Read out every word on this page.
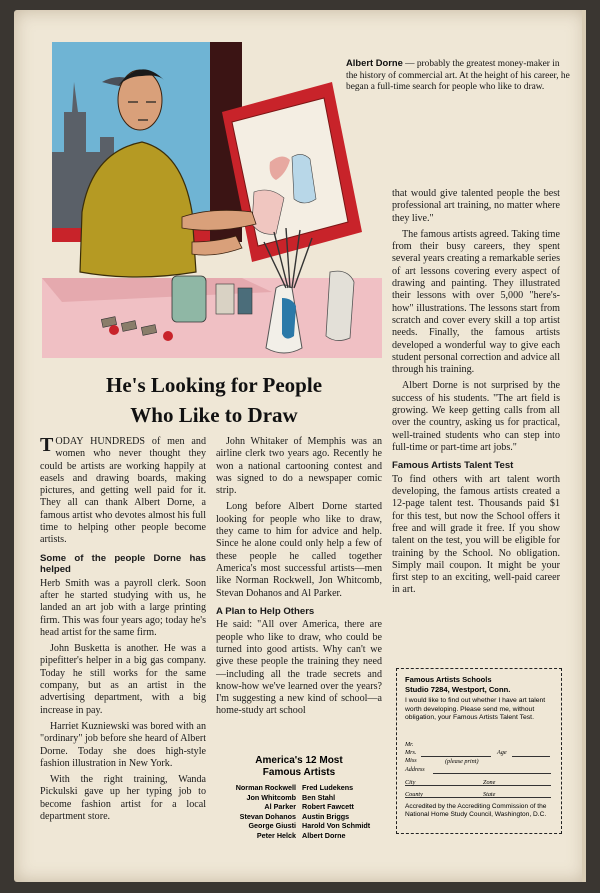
Albert Dorne — probably the greatest money-maker in the history of commercial art. At the height of his career, he began a full-time search for people who like to draw.
He's Looking for People
Who Like to Draw

TODAY HUNDREDS of men and women who never thought they could be artists are working happily at easels and drawing boards, making pictures, and getting well paid for it. They all can thank Albert Dorne, a famous artist who devotes almost his full time to helping other people become artists.

Some of the people Dorne has helped

Herb Smith was a payroll clerk. Soon after he started studying with us, he landed an art job with a large printing firm. This was four years ago; today he's head artist for the same firm.

John Busketta is another. He was a pipefitter's helper in a big gas company. Today he still works for the same company, but as an artist in the advertising department, with a big increase in pay.

Harriet Kuzniewski was bored with an "ordinary" job before she heard of Albert Dorne. Today she does high-style fashion illustration in New York.

With the right training, Wanda Pickulski gave up her typing job to become fashion artist for a local department store.

John Whitaker of Memphis was an airline clerk two years ago. Recently he won a national cartooning contest and was signed to do a newspaper comic strip.

Long before Albert Dorne started looking for people who like to draw, they came to him for advice and help. Since he alone could only help a few of these people he called together America's most successful artists—men like Norman Rockwell, Jon Whitcomb, Stevan Dohanos and Al Parker.

A Plan to Help Others

He said: "All over America, there are people who like to draw, who could be turned into good artists. Why can't we give these people the training they need—including all the trade secrets and know-how we've learned over the years? I'm suggesting a new kind of school—a home-study art school

America's 12 Most
Famous Artists
Norman Rockwell Fred Ludekens
Jon Whitcomb Ben Stahl
Al Parker Robert Fawcett
Stevan Dohanos Austin Briggs
George Giusti Harold Von Schmidt
Peter Helck Albert Dorne

that would give talented people the best professional art training, no matter where they live."

The famous artists agreed. Taking time from their busy careers, they spent several years creating a remarkable series of art lessons covering every aspect of drawing and painting. They illustrated their lessons with over 5,000 "here's-how" illustrations. The lessons start from scratch and cover every skill a top artist needs. Finally, the famous artists developed a wonderful way to give each student personal correction and advice all through his training.

Albert Dorne is not surprised by the success of his students. "The art field is growing. We keep getting calls from all over the country, asking us for practical, well-trained students who can step into full-time or part-time art jobs."

Famous Artists Talent Test

To find others with art talent worth developing, the famous artists created a 12-page talent test. Thousands paid $1 for this test, but now the School offers it free and will grade it free. If you show talent on the test, you will be eligible for training by the School. No obligation. Simply mail coupon. It might be your first step to an exciting, well-paid career in art.

Famous Artists Schools
Studio 7284, Westport, Conn.
I would like to find out whether I have art talent worth developing. Please send me, without obligation, your Famous Artists Talent Test.
Mr.
Mrs.
Miss
Age
(please print)
Address
City	Zone
County	State
Accredited by the Accrediting Commission of the National Home Study Council, Washington, D.C.
